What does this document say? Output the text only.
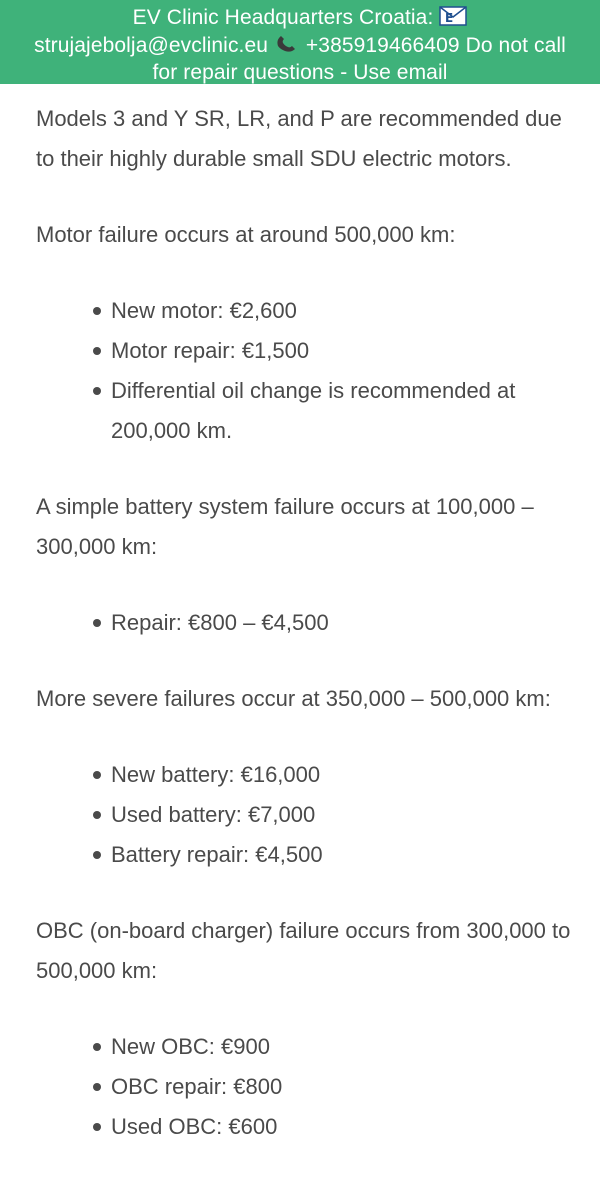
EV Clinic Headquarters Croatia: E
strujajebolja@evclinic.eu +385919466409 Do not call
for repair questions - Use email

Models 3 and Y SR, LR, and P are recommended due to their highly durable small SDU electric motors.

Motor failure occurs at around 500,000 km:

New motor: €2,600
Motor repair: €1,500
Differential oil change is recommended at 200,000 km.

A simple battery system failure occurs at 100,000 – 300,000 km:

Repair: €800 – €4,500

More severe failures occur at 350,000 – 500,000 km:

New battery: €16,000
Used battery: €7,000
Battery repair: €4,500

OBC (on-board charger) failure occurs from 300,000 to 500,000 km:

New OBC: €900
OBC repair: €800
Used OBC: €600
